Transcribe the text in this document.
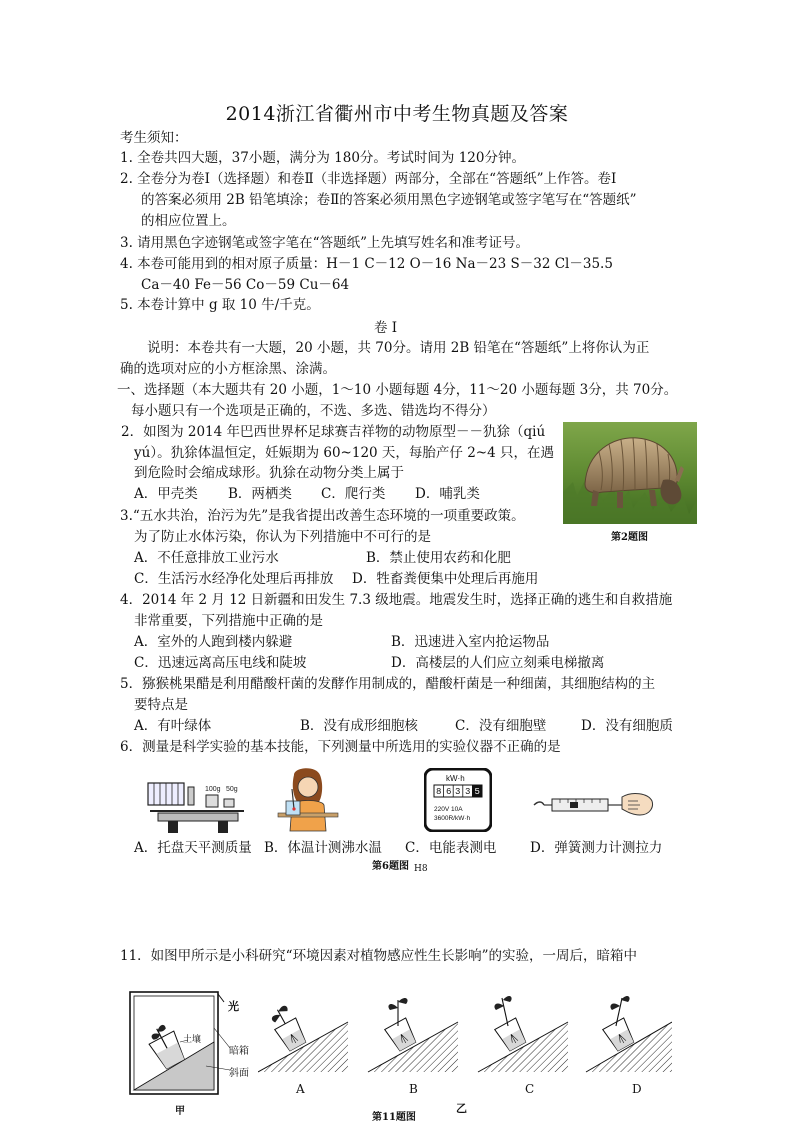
2014浙江省衢州市中考生物真题及答案
考生须知：
1. 全卷共四大题，37小题，满分为 180分。考试时间为 120分钟。
2. 全卷分为卷Ⅰ（选择题）和卷Ⅱ（非选择题）两部分，全部在“答题纸”上作答。卷Ⅰ
的答案必须用 2B 铅笔填涂；卷Ⅱ的答案必须用黑色字迹钢笔或签字笔写在“答题纸”
的相应位置上。
3. 请用黑色字迹钢笔或签字笔在“答题纸”上先填写姓名和准考证号。
4. 本卷可能用到的相对原子质量：H－1 C－12 O－16 Na－23 S－32 Cl－35.5
Ca－40 Fe－56 Co－59 Cu－64
5. 本卷计算中 g 取 10 牛/千克。
卷 Ⅰ
说明：本卷共有一大题，20 小题，共 70分。请用 2B 铅笔在“答题纸”上将你认为正
确的选项对应的小方框涂黑、涂满。
一、选择题（本大题共有 20 小题，1～10 小题每题 4分，11～20 小题每题 3分，共 70分。
每小题只有一个选项是正确的，不选、多选、错选均不得分）
2．如图为 2014 年巴西世界杯足球赛吉祥物的动物原型－－犰狳（qiú
yú）。犰狳体温恒定，妊娠期为 60~120 天，每胎产仔 2~4 只，在遇
到危险时会缩成球形。犰狳在动物分类上属于
A．甲壳类 B．两栖类 C．爬行类 D．哺乳类
第2题图
3.“五水共治，治污为先”是我省提出改善生态环境的一项重要政策。
为了防止水体污染，你认为下列措施中不可行的是
A．不任意排放工业污水	B．禁止使用农药和化肥
C．生活污水经净化处理后再排放 D．牲畜粪便集中处理后再施用
4．2014 年 2 月 12 日新疆和田发生 7.3 级地震。地震发生时，选择正确的逃生和自救措施
非常重要，下列措施中正确的是
A．室外的人跑到楼内躲避	B．迅速进入室内抢运物品
C．迅速远离高压电线和陡坡	D．高楼层的人们应立刻乘电梯撤离
5．猕猴桃果醋是利用醋酸杆菌的发酵作用制成的，醋酸杆菌是一种细菌，其细胞结构的主
要特点是
A．有叶绿体	B．没有成形细胞核	C．没有细胞壁	D．没有细胞质
6．测量是科学实验的基本技能，下列测量中所选用的实验仪器不正确的是
100g 50g
kW·h
8 6 3 3 5
220V 10A
3600R/kW·h
A．托盘天平测质量 B．体温计测沸水温 C．电能表测电 D．弹簧测力计测拉力
第6题图 H8
11．如图甲所示是小科研究“环境因素对植物感应性生长影响”的实验，一周后，暗箱中
光
土壤
暗箱
斜面
甲
A	B	C	D
乙
第11题图
